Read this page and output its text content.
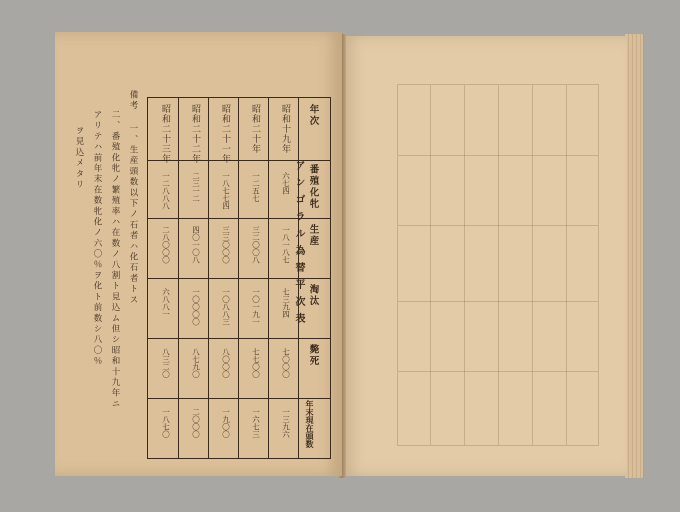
アンゴラル為替平次表
年次
番殖化牝
生産
淘汰
斃死
年末現在頭数
昭和十九年
昭和二十年
昭和二十一年
昭和二十二年
昭和二十三年
六七四
一二五七
一八七七四
二三一二
一二八八八
一八一八七
三二〇〇八
三三〇〇〇
四〇一〇八
二八〇〇〇
七三九四
一〇一九一
一〇八八三
一〇〇〇〇
六八八一
七〇〇〇
七七〇〇
八〇〇〇
八七九〇
八三二〇
一三九六
一六七三
一九〇〇
二〇〇〇
一八七〇
備考 一、生産頭数以下ノ石者ハ化石者トス
二、番殖化牝ノ繁殖率ハ在数ノ八割ト見込ム但シ昭和十九年ニ
アリテハ前年末在数牝化ノ六〇％ヲ化ト前数シ八〇％
ヲ見込メタリ
